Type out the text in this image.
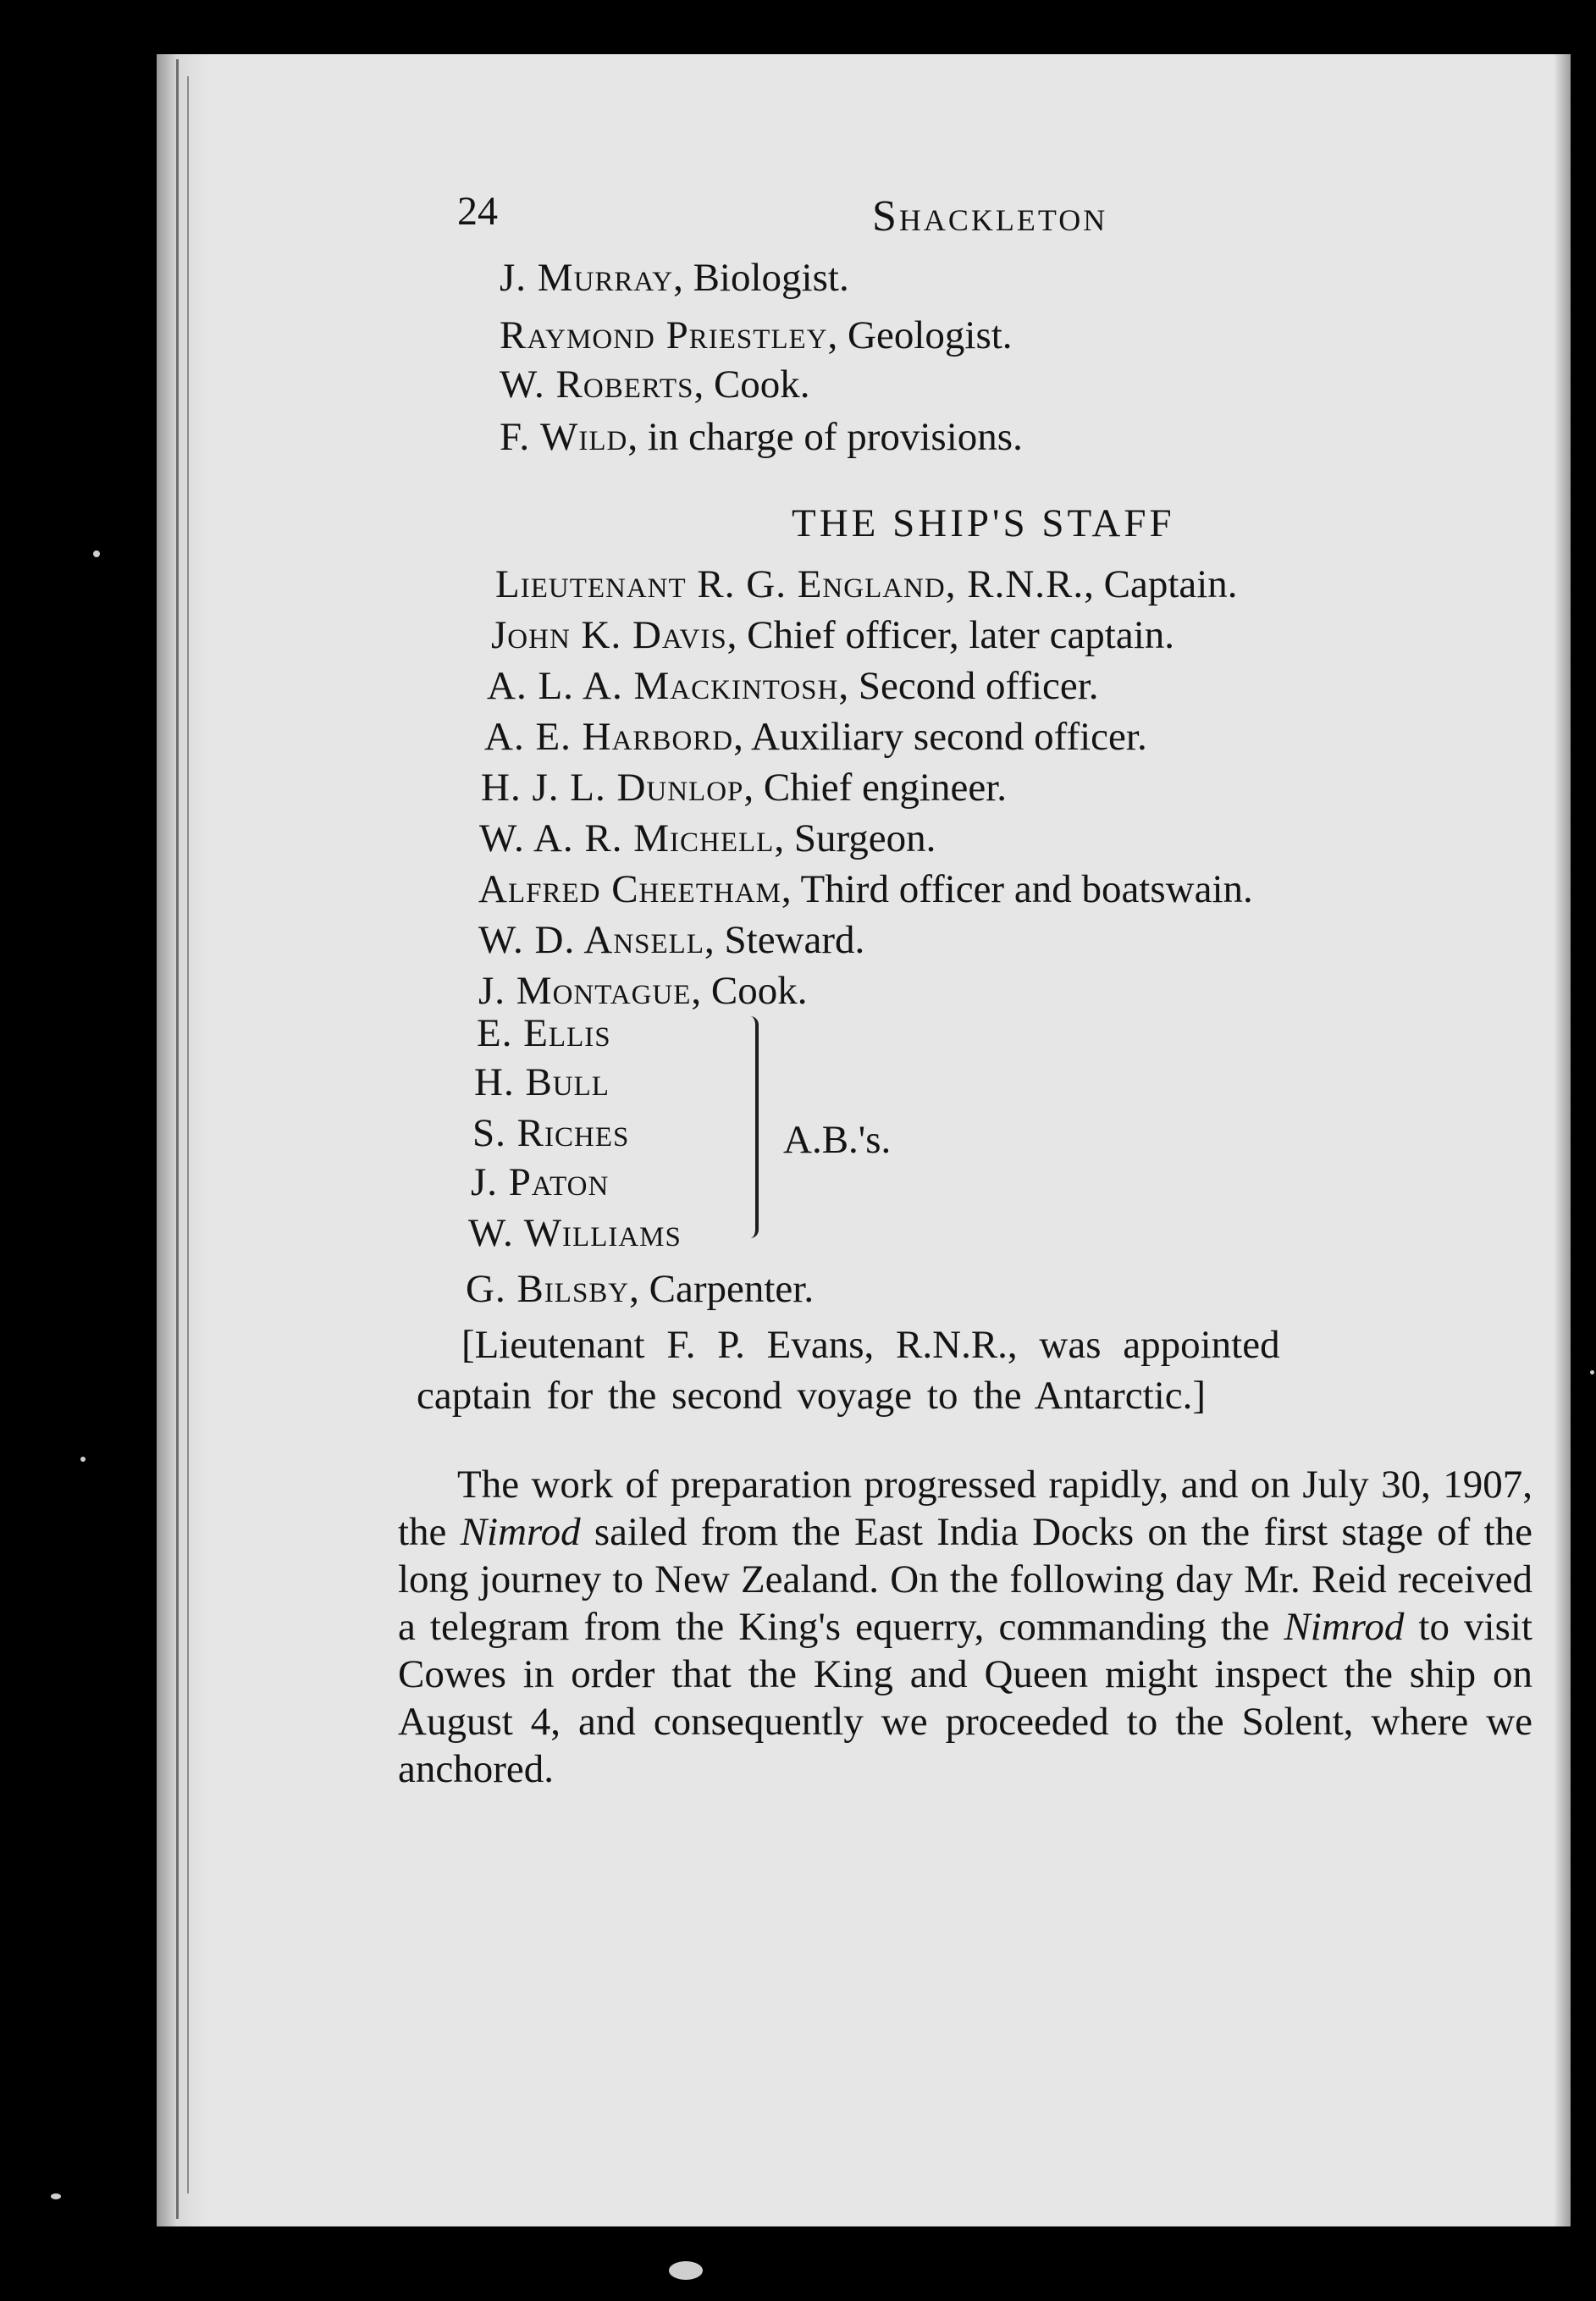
24	Shackleton
J. Murray, Biologist.
Raymond Priestley, Geologist.
W. Roberts, Cook.
F. Wild, in charge of provisions.
THE SHIP'S STAFF
Lieutenant R. G. England, R.N.R., Captain.
John K. Davis, Chief officer, later captain.
A. L. A. Mackintosh, Second officer.
A. E. Harbord, Auxiliary second officer.
H. J. L. Dunlop, Chief engineer.
W. A. R. Michell, Surgeon.
Alfred Cheetham, Third officer and boatswain.
W. D. Ansell, Steward.
J. Montague, Cook.
E. Ellis
H. Bull
S. Riches
J. Paton
W. Williams
A.B.'s.
G. Bilsby, Carpenter.
[Lieutenant F. P. Evans, R.N.R., was appointed
captain for the second voyage to the Antarctic.]
The work of preparation progressed rapidly, and on July 30, 1907, the Nimrod sailed from the East India Docks on the first stage of the long journey to New Zealand. On the following day Mr. Reid received a telegram from the King's equerry, commanding the Nimrod to visit Cowes in order that the King and Queen might inspect the ship on August 4, and consequently we proceeded to the Solent, where we anchored.
